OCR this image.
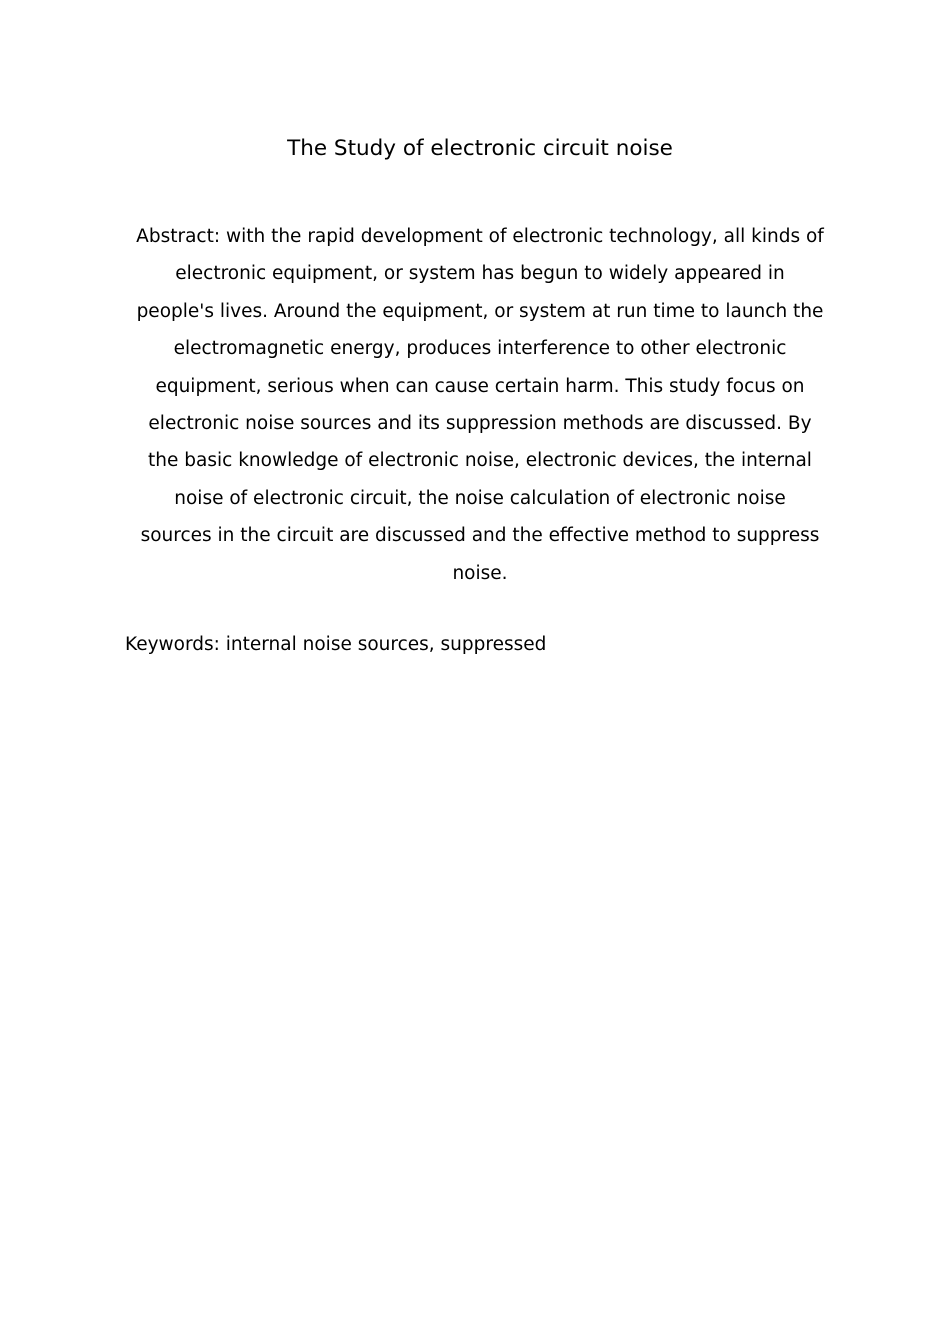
The Study of electronic circuit noise
Abstract: with the rapid development of electronic technology, all kinds of
electronic equipment, or system has begun to widely appeared in
people's lives. Around the equipment, or system at run time to launch the
electromagnetic energy, produces interference to other electronic
equipment, serious when can cause certain harm. This study focus on
electronic noise sources and its suppression methods are discussed. By
the basic knowledge of electronic noise, electronic devices, the internal
noise of electronic circuit, the noise calculation of electronic noise
sources in the circuit are discussed and the effective method to suppress
noise.

Keywords: internal noise sources, suppressed
